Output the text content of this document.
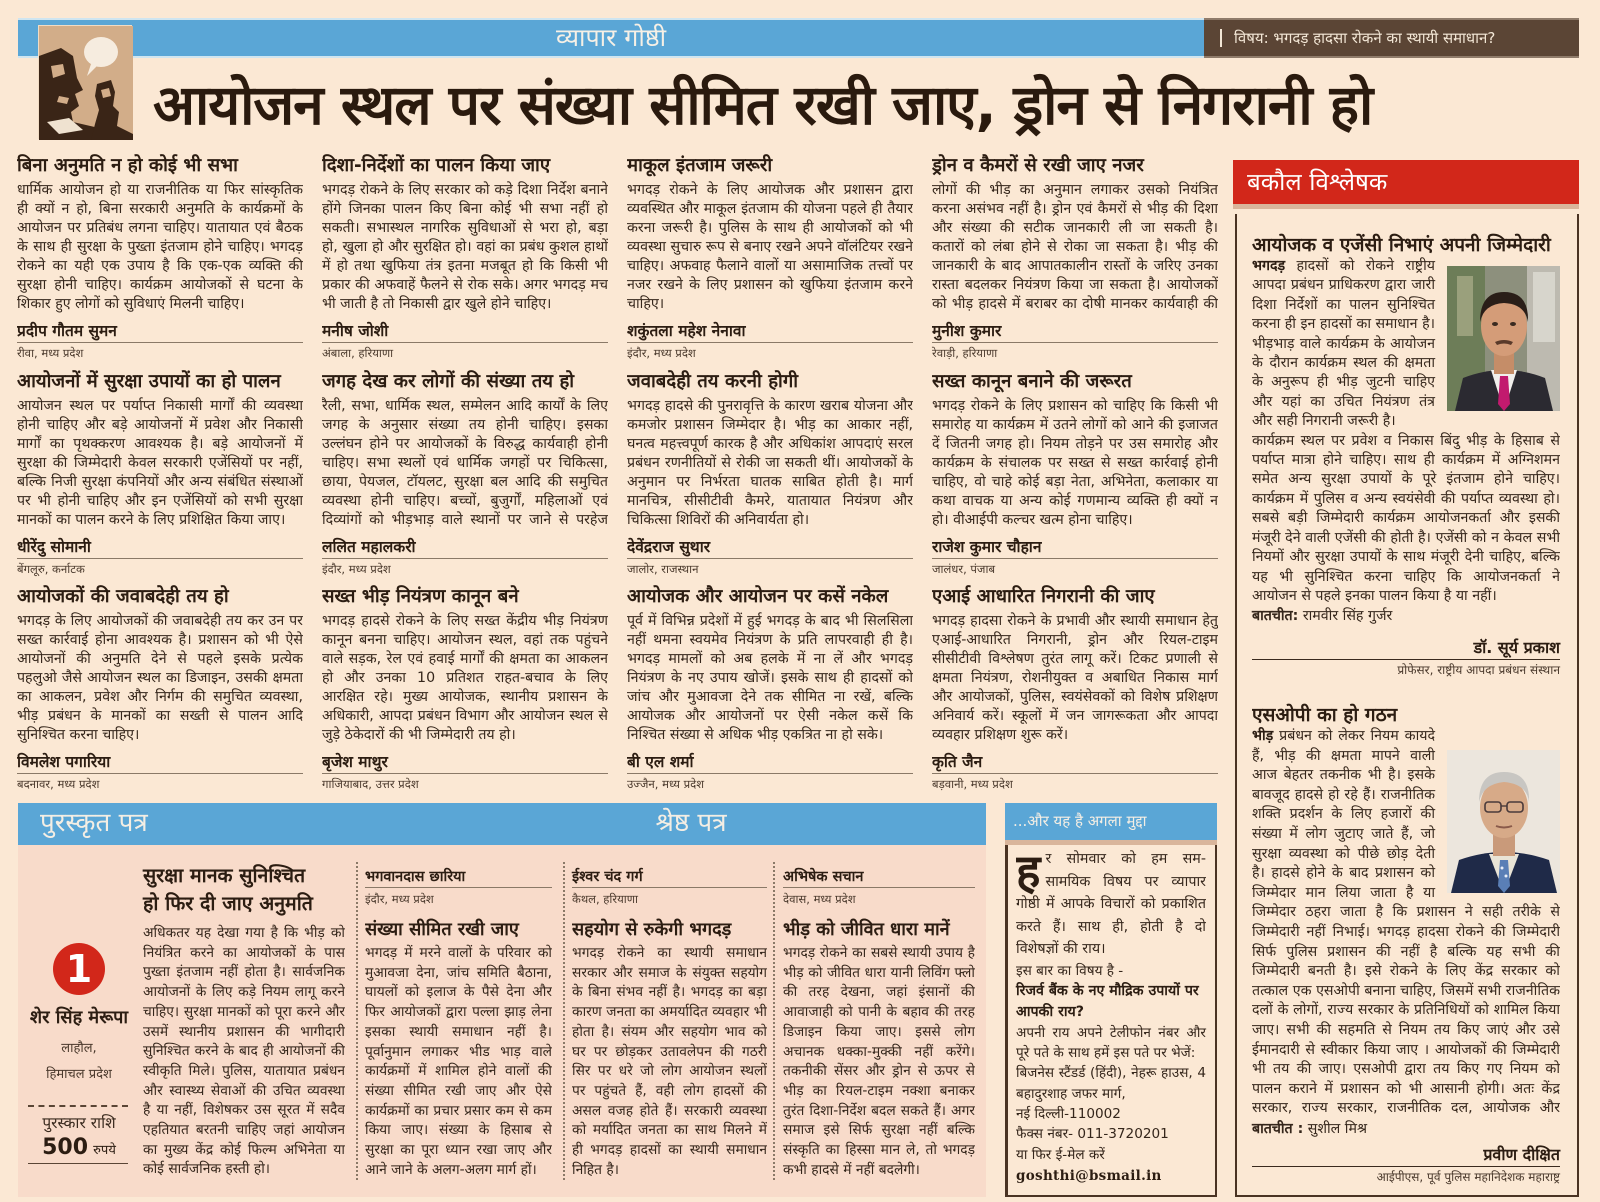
व्यापार गोष्ठी	विषय: भगदड़ हादसा रोकने का स्थायी समाधान?
आयोजन स्थल पर संख्या सीमित रखी जाए, ड्रोन से निगरानी हो
बिना अनुमति न हो कोई भी सभा

धार्मिक आयोजन हो या राजनीतिक या फिर सांस्कृतिक ही क्यों न हो, बिना सरकारी अनुमति के कार्यक्रमों के आयोजन पर प्रतिबंध लगना चाहिए। यातायात एवं बैठक के साथ ही सुरक्षा के पुख्ता इंतजाम होने चाहिए। भगदड़ रोकने का यही एक उपाय है कि एक-एक व्यक्ति की सुरक्षा होनी चाहिए। कार्यक्रम आयोजकों से घटना के शिकार हुए लोगों को सुविधाएं मिलनी चाहिए।

प्रदीप गौतम सुमन
रीवा, मध्य प्रदेश
दिशा-निर्देशों का पालन किया जाए

भगदड़ रोकने के लिए सरकार को कड़े दिशा निर्देश बनाने होंगे जिनका पालन किए बिना कोई भी सभा नहीं हो सकती। सभास्थल नागरिक सुविधाओं से भरा हो, बड़ा हो, खुला हो और सुरक्षित हो। वहां का प्रबंध कुशल हाथों में हो तथा खुफिया तंत्र इतना मजबूत हो कि किसी भी प्रकार की अफवाहें फैलने से रोक सके। अगर भगदड़ मच भी जाती है तो निकासी द्वार खुले होने चाहिए।

मनीष जोशी
अंबाला, हरियाणा
माकूल इंतजाम जरूरी

भगदड़ रोकने के लिए आयोजक और प्रशासन द्वारा व्यवस्थित और माकूल इंतजाम की योजना पहले ही तैयार करना जरूरी है। पुलिस के साथ ही आयोजकों को भी व्यवस्था सुचारु रूप से बनाए रखने अपने वॉलंटियर रखने चाहिए। अफवाह फैलाने वालों या असामाजिक तत्त्वों पर नजर रखने के लिए प्रशासन को खुफिया इंतजाम करने चाहिए।

शकुंतला महेश नेनावा
इंदौर, मध्य प्रदेश
ड्रोन व कैमरों से रखी जाए नजर

लोगों की भीड़ का अनुमान लगाकर उसको नियंत्रित करना असंभव नहीं है। ड्रोन एवं कैमरों से भीड़ की दिशा और संख्या की सटीक जानकारी ली जा सकती है। कतारों को लंबा होने से रोका जा सकता है। भीड़ की जानकारी के बाद आपातकालीन रास्तों के जरिए उनका रास्ता बदलकर नियंत्रण किया जा सकता है। आयोजकों को भीड़ हादसे में बराबर का दोषी मानकर कार्यवाही की

मुनीश कुमार
रेवाड़ी, हरियाणा
आयोजनों में सुरक्षा उपायों का हो पालन

आयोजन स्थल पर पर्याप्त निकासी मार्गों की व्यवस्था होनी चाहिए और बड़े आयोजनों में प्रवेश और निकासी मार्गों का पृथक्करण आवश्यक है। बड़े आयोजनों में सुरक्षा की जिम्मेदारी केवल सरकारी एजेंसियों पर नहीं, बल्कि निजी सुरक्षा कंपनियों और अन्य संबंधित संस्थाओं पर भी होनी चाहिए और इन एजेंसियों को सभी सुरक्षा मानकों का पालन करने के लिए प्रशिक्षित किया जाए।

धीरेंदु सोमानी
बेंगलूरु, कर्नाटक
जगह देख कर लोगों की संख्या तय हो

रैली, सभा, धार्मिक स्थल, सम्मेलन आदि कार्यों के लिए जगह के अनुसार संख्या तय होनी चाहिए। इसका उल्लंघन होने पर आयोजकों के विरुद्ध कार्यवाही होनी चाहिए। सभा स्थलों एवं धार्मिक जगहों पर चिकित्सा, छाया, पेयजल, टॉयलट, सुरक्षा बल आदि की समुचित व्यवस्था होनी चाहिए। बच्चों, बुजुर्गों, महिलाओं एवं दिव्यांगों को भीड़भाड़ वाले स्थानों पर जाने से परहेज

ललित महालकरी
इंदौर, मध्य प्रदेश
जवाबदेही तय करनी होगी

भगदड़ हादसे की पुनरावृत्ति के कारण खराब योजना और कमजोर प्रशासन जिम्मेदार है। भीड़ का आकार नहीं, घनत्व महत्त्वपूर्ण कारक है और अधिकांश आपदाएं सरल प्रबंधन रणनीतियों से रोकी जा सकती थीं। आयोजकों के अनुमान पर निर्भरता घातक साबित होती है। मार्ग मानचित्र, सीसीटीवी कैमरे, यातायात नियंत्रण और चिकित्सा शिविरों की अनिवार्यता हो।

देवेंद्रराज सुथार
जालोर, राजस्थान
सख्त कानून बनाने की जरूरत

भगदड़ रोकने के लिए प्रशासन को चाहिए कि किसी भी समारोह या कार्यक्रम में उतने लोगों को आने की इजाजत दें जितनी जगह हो। नियम तोड़ने पर उस समारोह और कार्यक्रम के संचालक पर सख्त से सख्त कार्रवाई होनी चाहिए, वो चाहे कोई बड़ा नेता, अभिनेता, कलाकार या कथा वाचक या अन्य कोई गणमान्य व्यक्ति ही क्यों न हो। वीआईपी कल्चर खत्म होना चाहिए।

राजेश कुमार चौहान
जालंधर, पंजाब
आयोजकों की जवाबदेही तय हो

भगदड़ के लिए आयोजकों की जवाबदेही तय कर उन पर सख्त कार्रवाई होना आवश्यक है। प्रशासन को भी ऐसे आयोजनों की अनुमति देने से पहले इसके प्रत्येक पहलुओ जैसे आयोजन स्थल का डिजाइन, उसकी क्षमता का आकलन, प्रवेश और निर्गम की समुचित व्यवस्था, भीड़ प्रबंधन के मानकों का सख्ती से पालन आदि सुनिश्चित करना चाहिए।

विमलेश पगारिया
बदनावर, मध्य प्रदेश
सख्त भीड़ नियंत्रण कानून बने

भगदड़ हादसे रोकने के लिए सख्त केंद्रीय भीड़ नियंत्रण कानून बनना चाहिए। आयोजन स्थल, वहां तक पहुंचने वाले सड़क, रेल एवं हवाई मार्गों की क्षमता का आकलन हो और उनका 10 प्रतिशत राहत-बचाव के लिए आरक्षित रहे। मुख्य आयोजक, स्थानीय प्रशासन के अधिकारी, आपदा प्रबंधन विभाग और आयोजन स्थल से जुड़े ठेकेदारों की भी जिम्मेदारी तय हो।

बृजेश माथुर
गाजियाबाद, उत्तर प्रदेश
आयोजक और आयोजन पर कसें नकेल

पूर्व में विभिन्न प्रदेशों में हुई भगदड़ के बाद भी सिलसिला नहीं थमना स्वयमेव नियंत्रण के प्रति लापरवाही ही है। भगदड़ मामलों को अब हलके में ना लें और भगदड़ नियंत्रण के नए उपाय खोजें। इसके साथ ही हादसों को जांच और मुआवजा देने तक सीमित ना रखें, बल्कि आयोजक और आयोजनों पर ऐसी नकेल कसें कि निश्चित संख्या से अधिक भीड़ एकत्रित ना हो सके।

बी एल शर्मा
उज्जैन, मध्य प्रदेश
एआई आधारित निगरानी की जाए

भगदड़ हादसा रोकने के प्रभावी और स्थायी समाधान हेतु एआई-आधारित निगरानी, ड्रोन और रियल-टाइम सीसीटीवी विश्लेषण तुरंत लागू करें। टिकट प्रणाली से क्षमता नियंत्रण, रोशनीयुक्त व अबाधित निकास मार्ग और आयोजकों, पुलिस, स्वयंसेवकों को विशेष प्रशिक्षण अनिवार्य करें। स्कूलों में जन जागरूकता और आपदा व्यवहार प्रशिक्षण शुरू करें।

कृति जैन
बड़वानी, मध्य प्रदेश
बकौल विश्लेषक
आयोजक व एजेंसी निभाएं अपनी जिम्मेदारी

भगदड़ हादसों को रोकने राष्ट्रीय आपदा प्रबंधन प्राधिकरण द्वारा जारी दिशा निर्देशों का पालन सुनिश्चित करना ही इन हादसों का समाधान है। भीड़भाड़ वाले कार्यक्रम के आयोजन के दौरान कार्यक्रम स्थल की क्षमता के अनुरूप ही भीड़ जुटनी चाहिए और यहां का उचित नियंत्रण तंत्र और सही निगरानी जरूरी है।

कार्यक्रम स्थल पर प्रवेश व निकास बिंदु भीड़ के हिसाब से पर्याप्त मात्रा होने चाहिए। साथ ही कार्यक्रम में अग्निशमन समेत अन्य सुरक्षा उपायों के पूरे इंतजाम होने चाहिए। कार्यक्रम में पुलिस व अन्य स्वयंसेवी की पर्याप्त व्यवस्था हो। सबसे बड़ी जिम्मेदारी कार्यक्रम आयोजनकर्ता और इसकी मंजूरी देने वाली एजेंसी की होती है। एजेंसी को न केवल सभी नियमों और सुरक्षा उपायों के साथ मंजूरी देनी चाहिए, बल्कि यह भी सुनिश्चित करना चाहिए कि आयोजनकर्ता ने आयोजन से पहले इनका पालन किया है या नहीं।

बातचीत: रामवीर सिंह गुर्जर
डॉ. सूर्य प्रकाश
प्रोफेसर, राष्ट्रीय आपदा प्रबंधन संस्थान
एसओपी का हो गठन
भीड़ प्रबंधन को लेकर नियम कायदे हैं, भीड़ की क्षमता मापने वाली आज बेहतर तकनीक भी है। इसके बावजूद हादसे हो रहे हैं। राजनीतिक शक्ति प्रदर्शन के लिए हजारों की संख्या में लोग जुटाए जाते हैं, जो सुरक्षा व्यवस्था को पीछे छोड़ देती है। हादसे होने के बाद प्रशासन को जिम्मेदार मान लिया जाता है या जिम्मेदार ठहरा जाता है कि प्रशासन ने सही तरीके से जिम्मेदारी नहीं निभाई। भगदड़ हादसा रोकने की जिम्मेदारी सिर्फ पुलिस प्रशासन की नहीं है बल्कि यह सभी की जिम्मेदारी बनती है। इसे रोकने के लिए केंद्र सरकार को तत्काल एक एसओपी बनाना चाहिए, जिसमें सभी राजनीतिक दलों के लोगों, राज्य सरकार के प्रतिनिधियों को शामिल किया जाए। सभी की सहमति से नियम तय किए जाएं और उसे ईमानदारी से स्वीकार किया जाए । आयोजकों की जिम्मेदारी भी तय की जाए। एसओपी द्वारा तय किए गए नियम को पालन कराने में प्रशासन को भी आसानी होगी। अतः केंद्र सरकार, राज्य सरकार, राजनीतिक दल, आयोजक और
बातचीत : सुशील मिश्र
प्रवीण दीक्षित
आईपीएस, पूर्व पुलिस महानिदेशक महाराष्ट्र
पुरस्कृत पत्र	श्रेष्ठ पत्र
1
शेर सिंह मेरूपा
लाहौल,
हिमाचल प्रदेश
पुरस्कार राशि
500 रुपये
सुरक्षा मानक सुनिश्चित
हो फिर दी जाए अनुमति

अधिकतर यह देखा गया है कि भीड़ को नियंत्रित करने का आयोजकों के पास पुख्ता इंतजाम नहीं होता है। सार्वजनिक आयोजनों के लिए कड़े नियम लागू करने चाहिए। सुरक्षा मानकों को पूरा करने और उसमें स्थानीय प्रशासन की भागीदारी सुनिश्चित करने के बाद ही आयोजनों की स्वीकृति मिले। पुलिस, यातायात प्रबंधन और स्वास्थ्य सेवाओं की उचित व्यवस्था है या नहीं, विशेषकर उस सूरत में सदैव एहतियात बरतनी चाहिए जहां आयोजन का मुख्य केंद्र कोई फिल्म अभिनेता या कोई सार्वजनिक हस्ती हो।

भगवानदास छारिया
इंदौर, मध्य प्रदेश
संख्या सीमित रखी जाए

भगदड़ में मरने वालों के परिवार को मुआवजा देना, जांच समिति बैठाना, घायलों को इलाज के पैसे देना और फिर आयोजकों द्वारा पल्ला झाड़ लेना इसका स्थायी समाधान नहीं है। पूर्वानुमान लगाकर भीड भाड़ वाले कार्यक्रमों में शामिल होने वालों की संख्या सीमित रखी जाए और ऐसे कार्यक्रमों का प्रचार प्रसार कम से कम किया जाए। संख्या के हिसाब से सुरक्षा का पूरा ध्यान रखा जाए और आने जाने के अलग-अलग मार्ग हों।

ईश्वर चंद गर्ग
कैथल, हरियाणा
सहयोग से रुकेगी भगदड़

भगदड़ रोकने का स्थायी समाधान सरकार और समाज के संयुक्त सहयोग के बिना संभव नहीं है। भगदड़ का बड़ा कारण जनता का अमर्यादित व्यवहार भी होता है। संयम और सहयोग भाव को घर पर छोड़कर उतावलेपन की गठरी सिर पर धरे जो लोग आयोजन स्थलों पर पहुंचते हैं, वही लोग हादसों की असल वजह होते हैं। सरकारी व्यवस्था को मर्यादित जनता का साथ मिलने में ही भगदड़ हादसों का स्थायी समाधान निहित है।

अभिषेक सचान
देवास, मध्य प्रदेश
भीड़ को जीवित धारा मानें

भगदड़ रोकने का सबसे स्थायी उपाय है भीड़ को जीवित धारा यानी लिविंग फ्लो की तरह देखना, जहां इंसानों की आवाजाही को पानी के बहाव की तरह डिजाइन किया जाए। इससे लोग अचानक धक्का-मुक्की नहीं करेंगे। तकनीकी सेंसर और ड्रोन से ऊपर से भीड़ का रियल-टाइम नक्शा बनाकर तुरंत दिशा-निर्देश बदल सकते हैं। अगर समाज इसे सिर्फ सुरक्षा नहीं बल्कि संस्कृति का हिस्सा मान ले, तो भगदड़ कभी हादसे में नहीं बदलेगी।

...और यह है अगला मुद्दा

हर सोमवार को हम सम-सामयिक विषय पर व्यापार गोष्ठी में आपके विचारों को प्रकाशित करते हैं। साथ ही, होती है दो विशेषज्ञों की राय।

इस बार का विषय है -
रिजर्व बैंक के नए मौद्रिक उपायों पर आपकी राय?

अपनी राय अपने टेलीफोन नंबर और पूरे पते के साथ हमें इस पते पर भेजें:

बिजनेस स्टैंडर्ड (हिंदी), नेहरू हाउस, 4 बहादुरशाह जफर मार्ग,

नई दिल्ली-110002
फैक्स नंबर- 011-3720201
या फिर ई-मेल करें
goshthi@bsmail.in
